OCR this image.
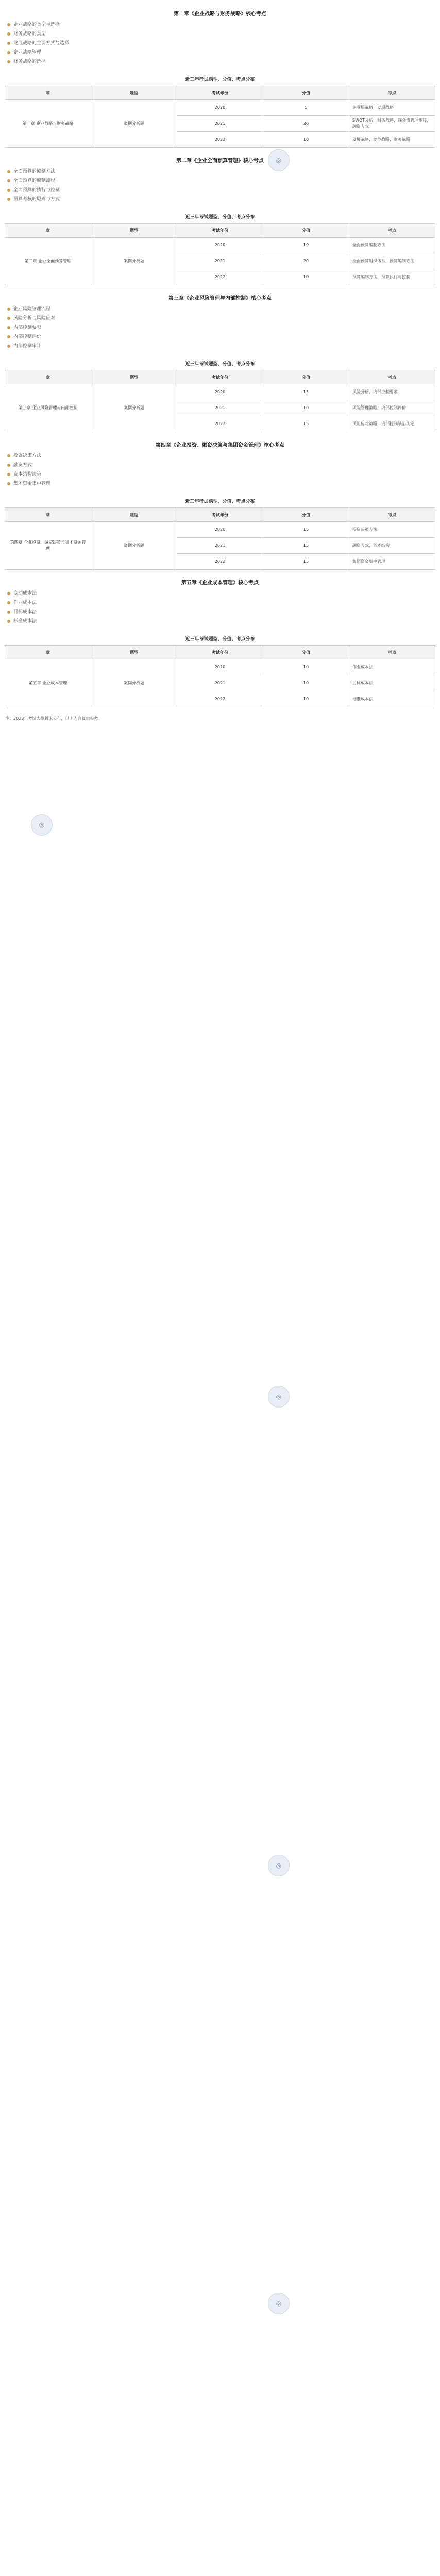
第一章《企业战略与财务战略》核心考点
企业战略的类型与选择
财务战略的类型
发展战略的主要方式与选择
企业战略管理
财务战略的选择
近三年考试题型、分值、考点分布
章	题型	考试年份	分值	考点
第一章 企业战略与财务战略	案例分析题	2020	5	企业层战略，发展战略
		2021	20	SWOT分析，财务战略，现金流管理矩阵，融资方式
		2022	10	发展战略，竞争战略，财务战略
第二章《企业全面预算管理》核心考点
全面预算的编制方法
全面预算的编制流程
全面预算的执行与控制
预算考核的原则与方式
近三年考试题型、分值、考点分布
章	题型	考试年份	分值	考点
第二章 企业全面预算管理	案例分析题	2020	10	全面预算编制方法
		2021	20	全面预算组织体系，预算编制方法
		2022	10	预算编制方法，预算执行与控制
第三章《企业风险管理与内部控制》核心考点
企业风险管理流程
风险分析与风险应对
内部控制要素
内部控制评价
内部控制审计
近三年考试题型、分值、考点分布
章	题型	考试年份	分值	考点
第三章 企业风险管理与内部控制	案例分析题	2020	15	风险分析，内部控制要素
		2021	10	风险管理策略，内部控制评价
		2022	15	风险应对策略，内部控制缺陷认定
第四章《企业投资、融资决策与集团资金管理》核心考点
投资决策方法
融资方式
资本结构决策
集团资金集中管理
近三年考试题型、分值、考点分布
章	题型	考试年份	分值	考点
第四章 企业投资、融资决策与集团资金管理	案例分析题	2020	15	投资决策方法
		2021	15	融资方式，资本结构
		2022	15	集团资金集中管理
第五章《企业成本管理》核心考点
变动成本法
作业成本法
目标成本法
标准成本法
近三年考试题型、分值、考点分布
章	题型	考试年份	分值	考点
第五章 企业成本管理	案例分析题	2020	10	作业成本法
		2021	10	目标成本法
		2022	10	标准成本法
注：2023年考试大纲暂未公布，以上内容仅供参考。
◎
◎
◎
◎
◎
